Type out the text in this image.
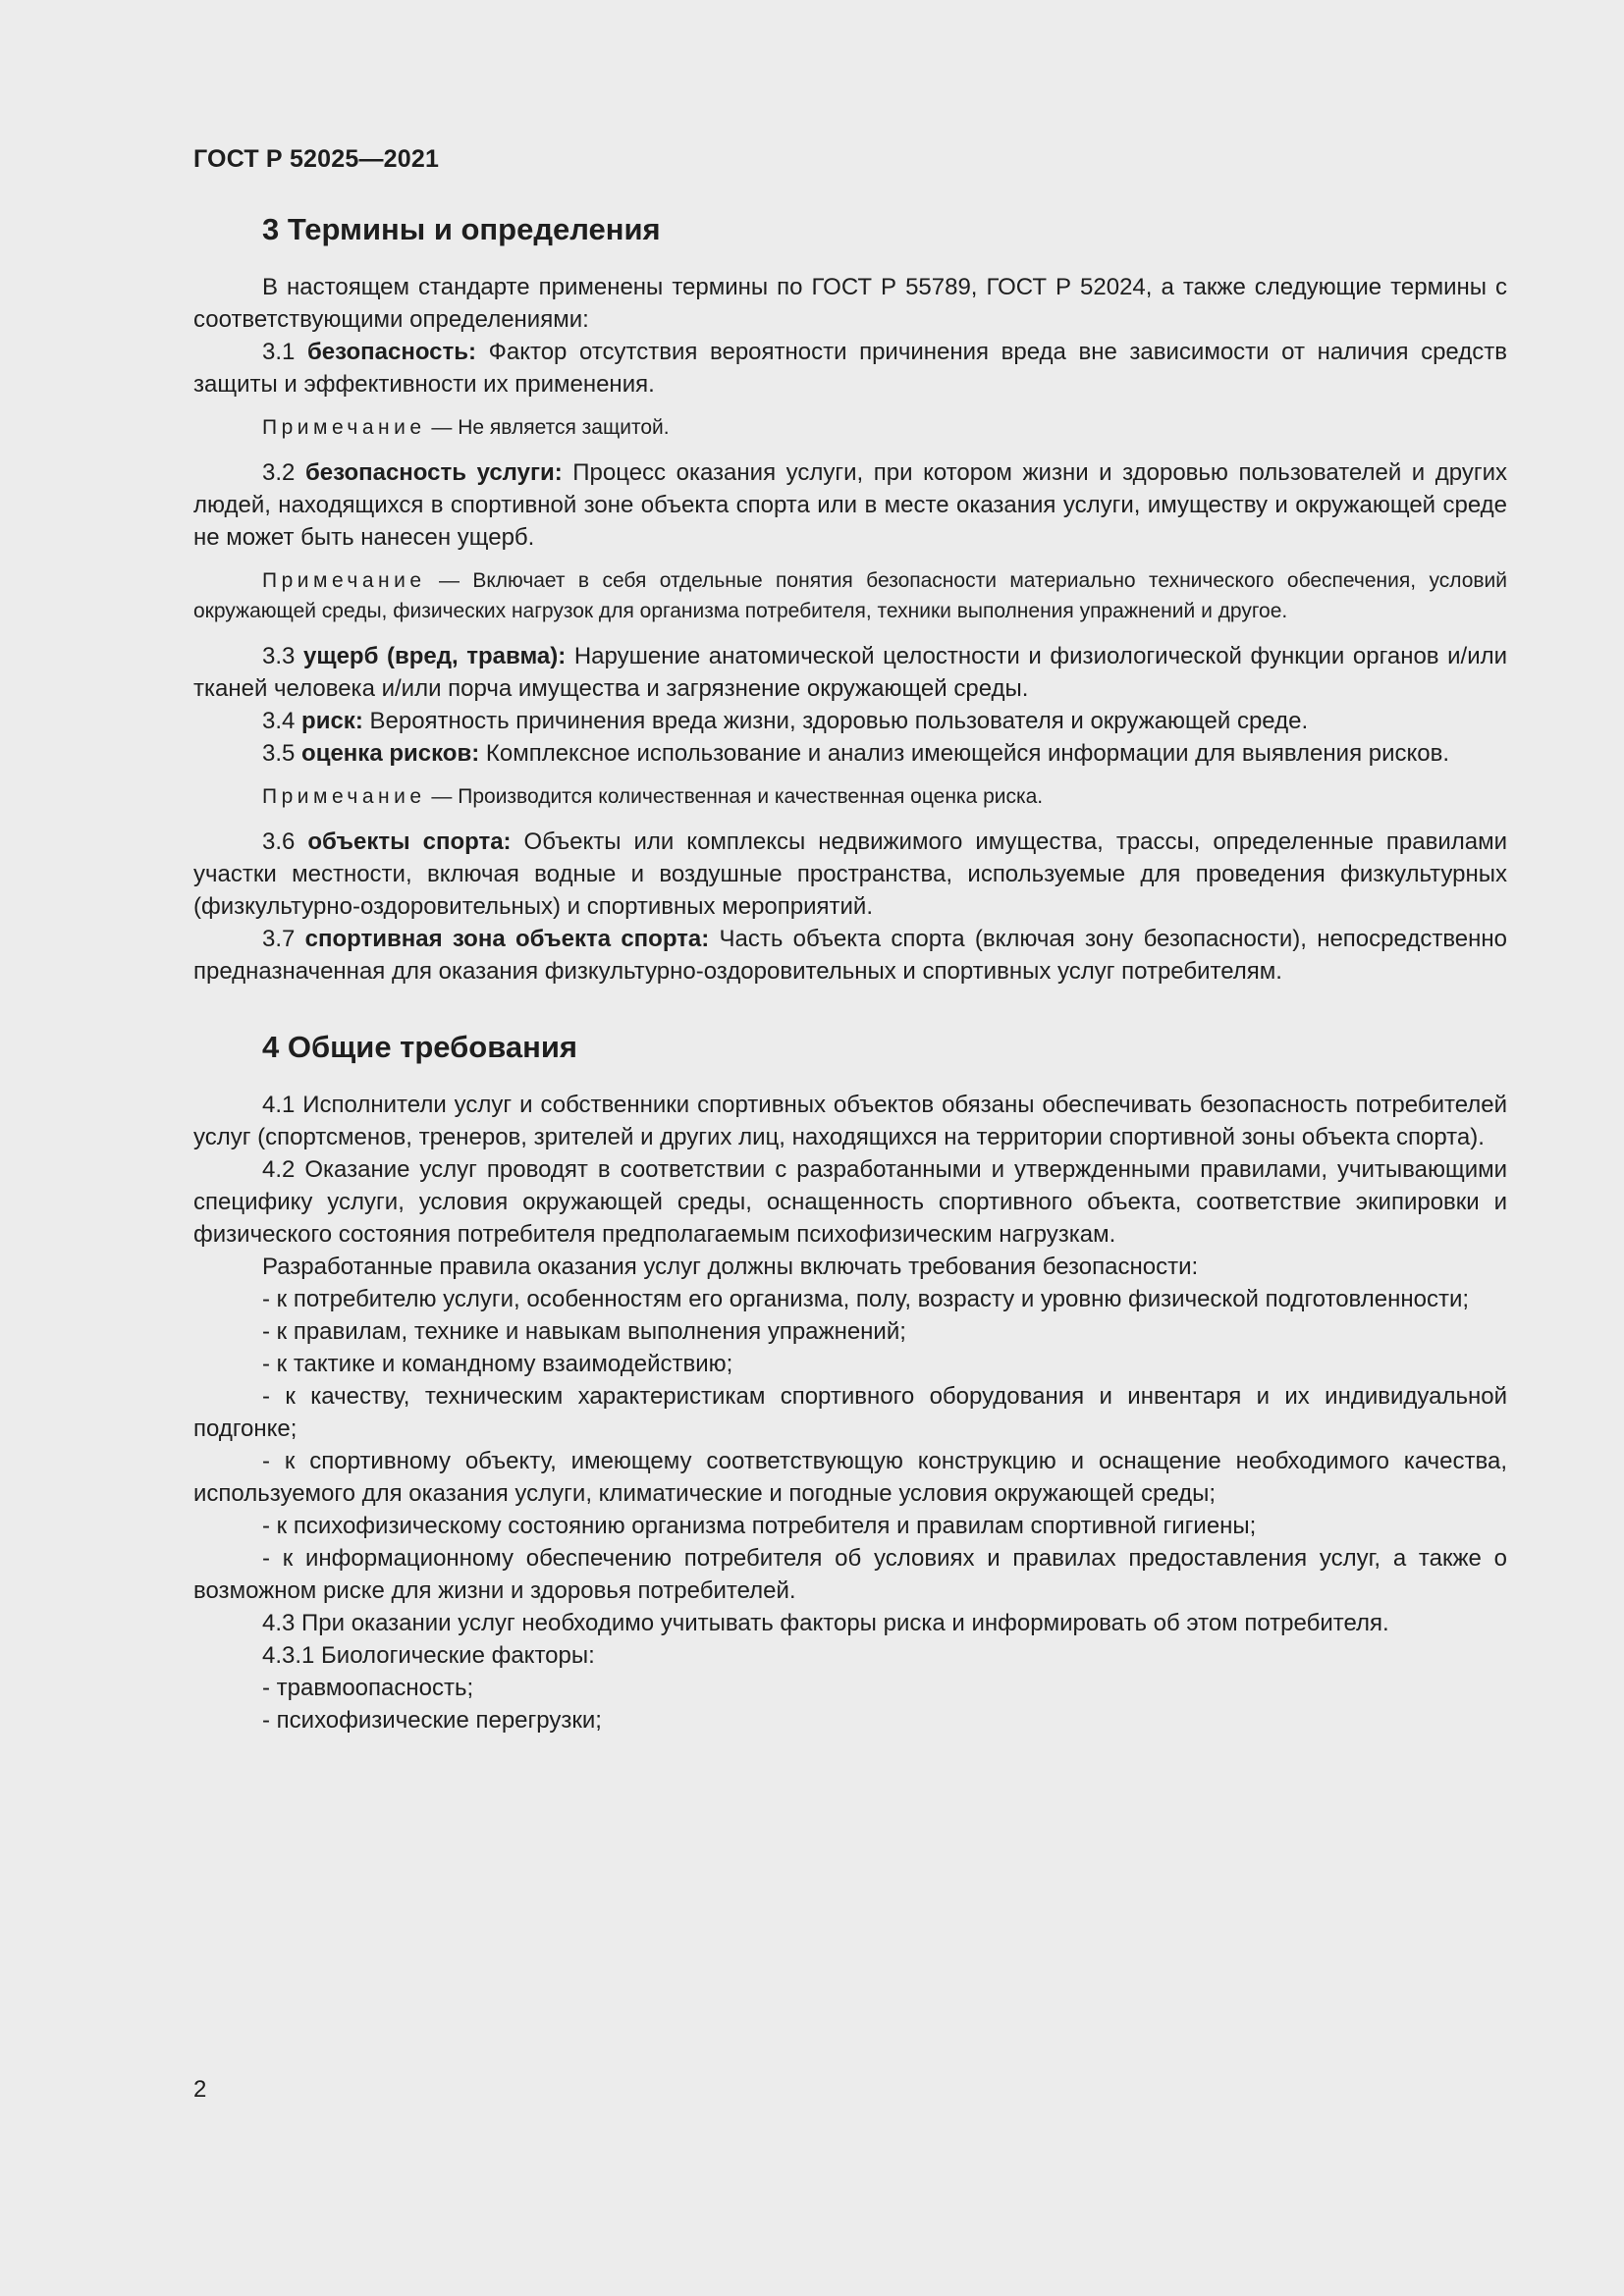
ГОСТ Р 52025—2021
3 Термины и определения

В настоящем стандарте применены термины по ГОСТ Р 55789, ГОСТ Р 52024, а также следующие термины с соответствующими определениями:

3.1 безопасность: Фактор отсутствия вероятности причинения вреда вне зависимости от наличия средств защиты и эффективности их применения.

Примечание — Не является защитой.

3.2 безопасность услуги: Процесс оказания услуги, при котором жизни и здоровью пользователей и других людей, находящихся в спортивной зоне объекта спорта или в месте оказания услуги, имуществу и окружающей среде не может быть нанесен ущерб.

Примечание — Включает в себя отдельные понятия безопасности материально технического обеспечения, условий окружающей среды, физических нагрузок для организма потребителя, техники выполнения упражнений и другое.

3.3 ущерб (вред, травма): Нарушение анатомической целостности и физиологической функции органов и/или тканей человека и/или порча имущества и загрязнение окружающей среды.

3.4 риск: Вероятность причинения вреда жизни, здоровью пользователя и окружающей среде.

3.5 оценка рисков: Комплексное использование и анализ имеющейся информации для выявления рисков.

Примечание — Производится количественная и качественная оценка риска.

3.6 объекты спорта: Объекты или комплексы недвижимого имущества, трассы, определенные правилами участки местности, включая водные и воздушные пространства, используемые для проведения физкультурных (физкультурно-оздоровительных) и спортивных мероприятий.

3.7 спортивная зона объекта спорта: Часть объекта спорта (включая зону безопасности), непосредственно предназначенная для оказания физкультурно-оздоровительных и спортивных услуг потребителям.

4 Общие требования

4.1 Исполнители услуг и собственники спортивных объектов обязаны обеспечивать безопасность потребителей услуг (спортсменов, тренеров, зрителей и других лиц, находящихся на территории спортивной зоны объекта спорта).

4.2 Оказание услуг проводят в соответствии с разработанными и утвержденными правилами, учитывающими специфику услуги, условия окружающей среды, оснащенность спортивного объекта, соответствие экипировки и физического состояния потребителя предполагаемым психофизическим нагрузкам.

Разработанные правила оказания услуг должны включать требования безопасности:

- к потребителю услуги, особенностям его организма, полу, возрасту и уровню физической подготовленности;

- к правилам, технике и навыкам выполнения упражнений;

- к тактике и командному взаимодействию;

- к качеству, техническим характеристикам спортивного оборудования и инвентаря и их индивидуальной подгонке;

- к спортивному объекту, имеющему соответствующую конструкцию и оснащение необходимого качества, используемого для оказания услуги, климатические и погодные условия окружающей среды;

- к психофизическому состоянию организма потребителя и правилам спортивной гигиены;

- к информационному обеспечению потребителя об условиях и правилах предоставления услуг, а также о возможном риске для жизни и здоровья потребителей.

4.3 При оказании услуг необходимо учитывать факторы риска и информировать об этом потребителя.

4.3.1 Биологические факторы:

- травмоопасность;

- психофизические перегрузки;

2
